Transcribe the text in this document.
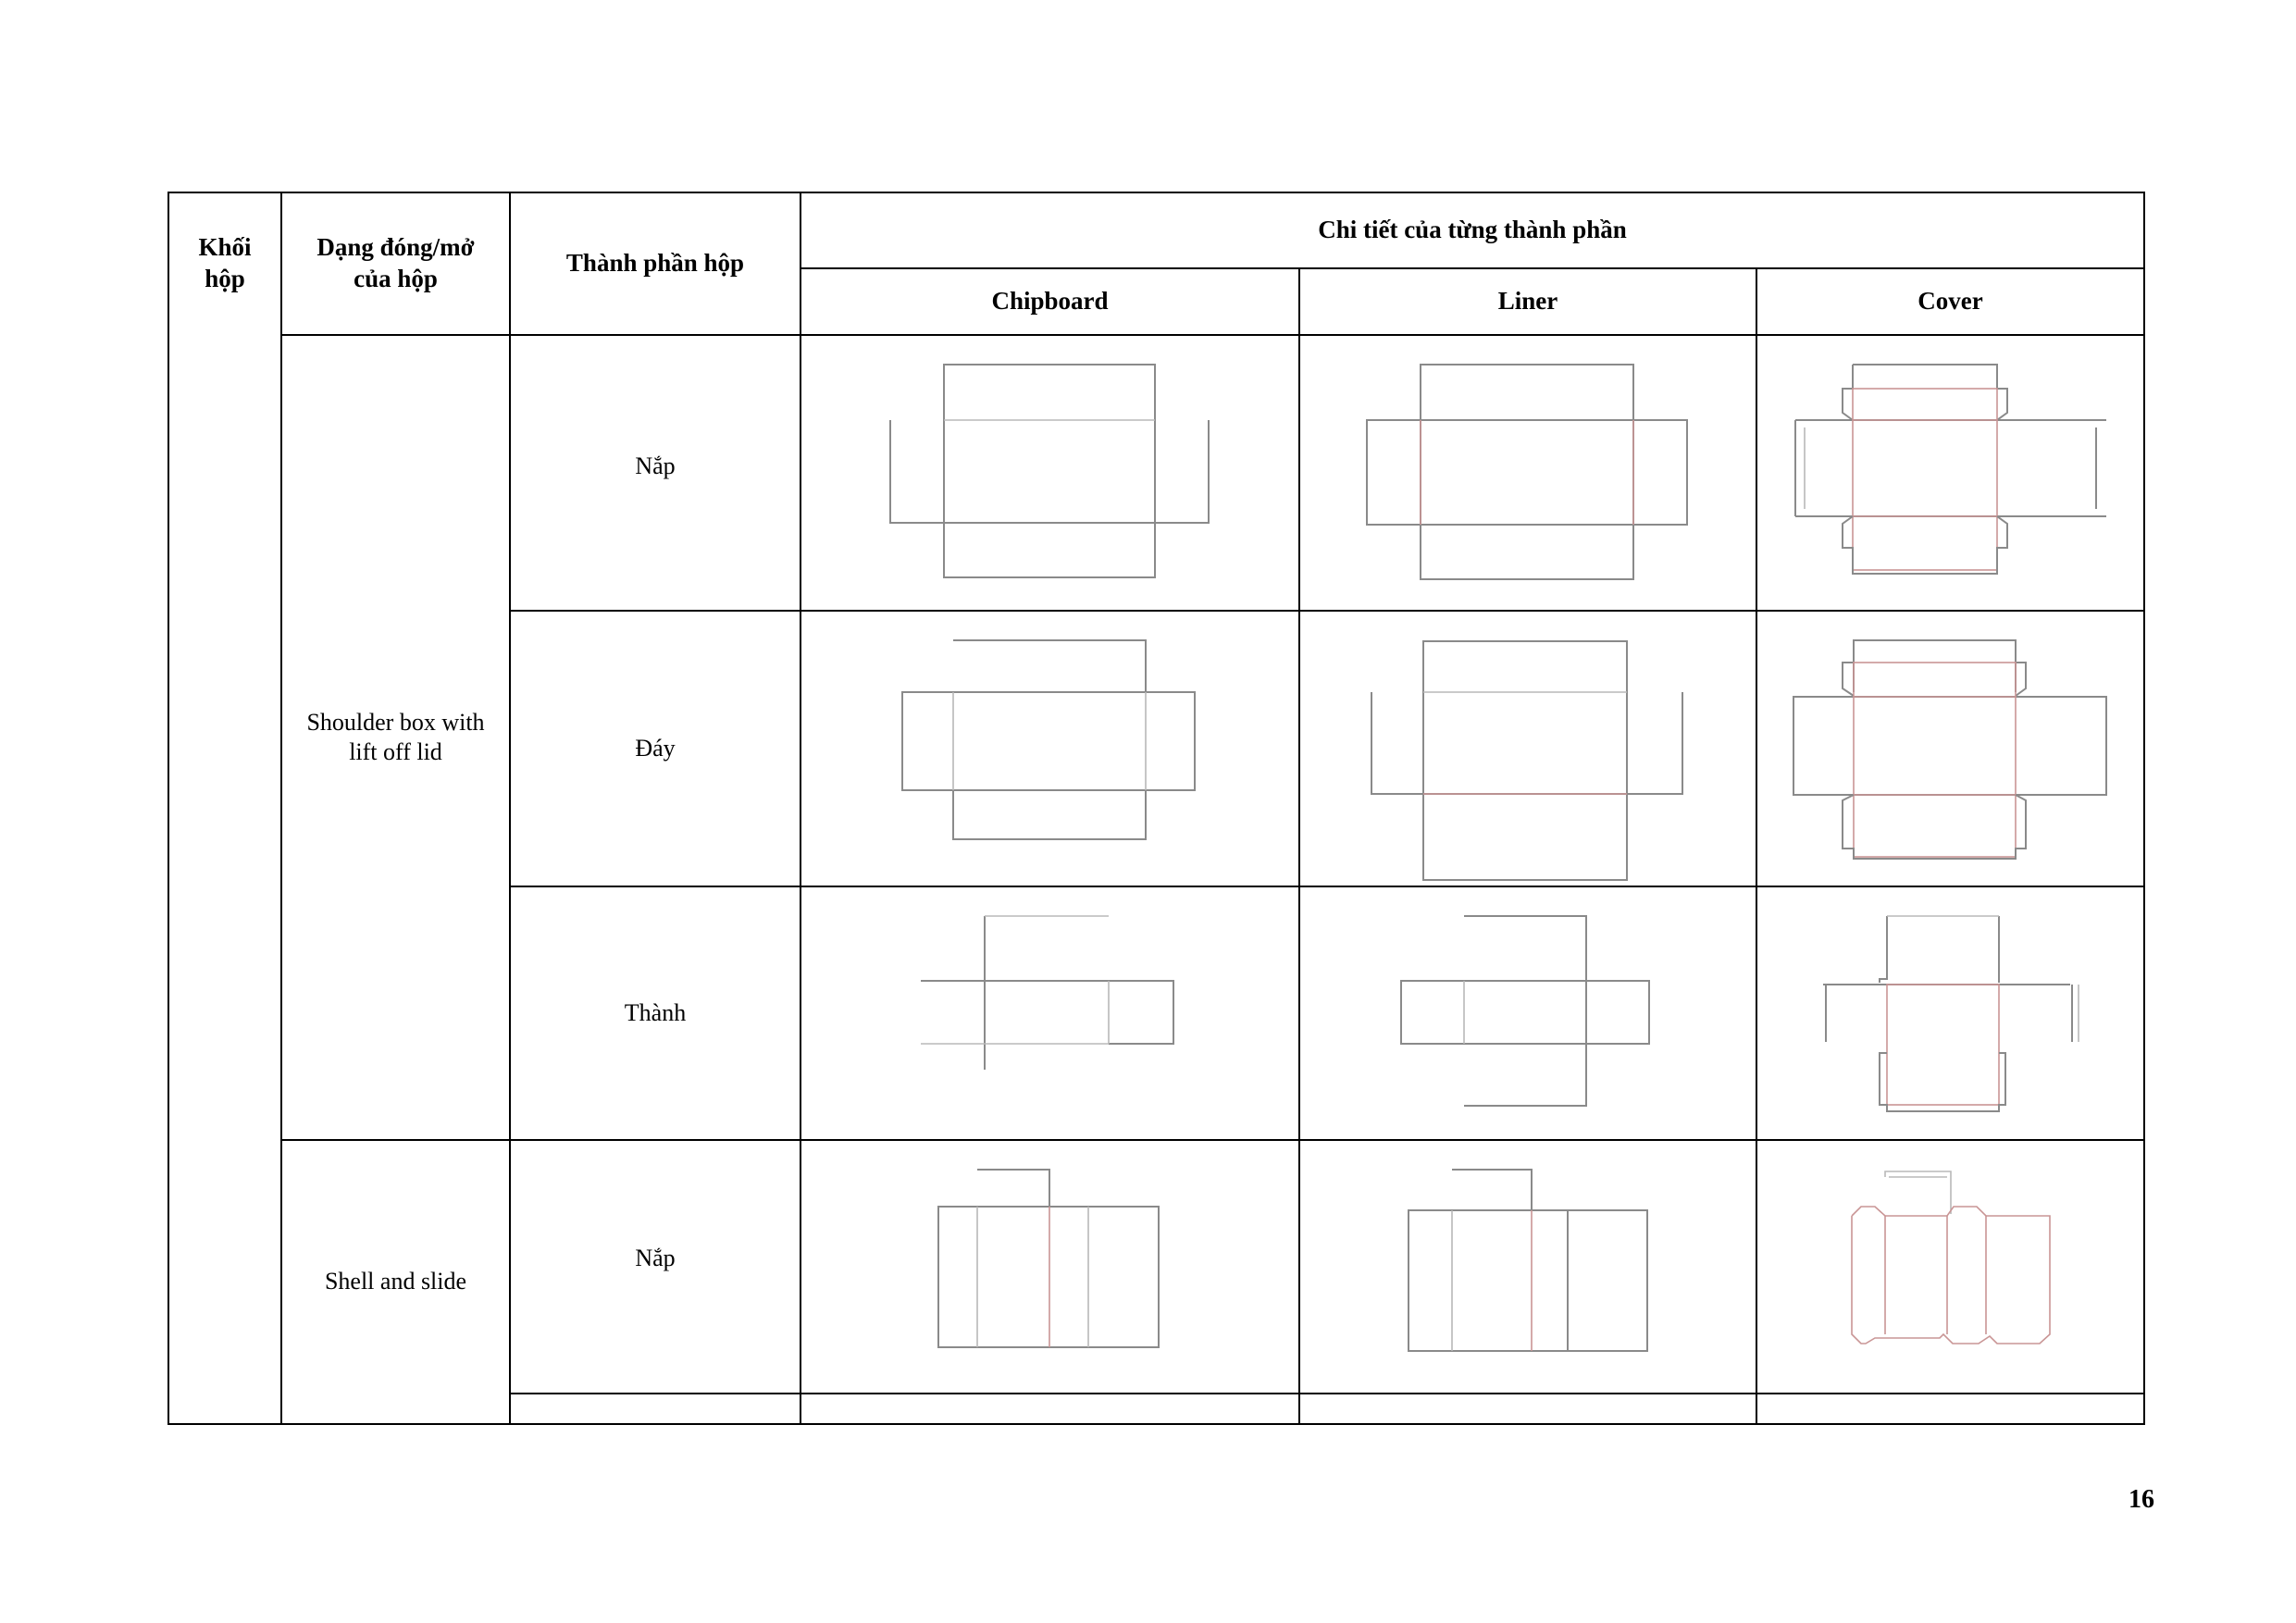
Khối hộp
Dạng đóng/mở của hộp
Thành phần hộp
Chi tiết của từng thành phần
Chipboard	Liner	Cover
Shoulder box with lift off lid
Shell and slide
Nắp
Đáy
Thành
Nắp
16
